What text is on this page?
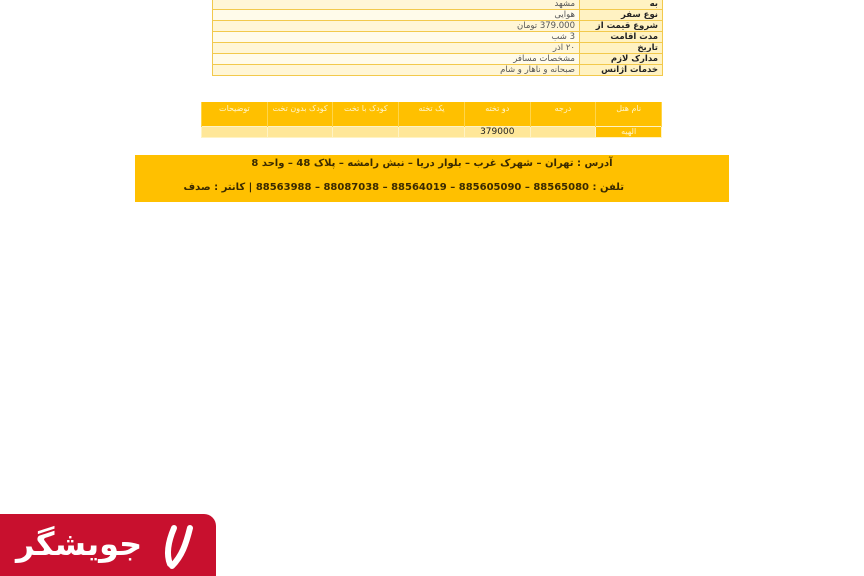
به	مشهد
نوع سفر	هوایی
شروع قیمت از	379.000 تومان
مدت اقامت	3 شب
تاریخ	۲۰ آذر
مدارک لازم	مشخصات مسافر
خدمات آژانس	صبحانه و ناهار و شام
نام هتل	درجه	دو تخته	یک تخته	کودک با تخت	کودک بدون تخت	توضیحات
الهیه		379000				
آدرس : تهران – شهرک غرب – بلوار دریا – نبش رامشه – پلاک 48 – واحد 8
تلفن : 88565080 – 885605090 – 88564019 – 88087038 – 88563988 | کانتر : صدف
جویشگر
